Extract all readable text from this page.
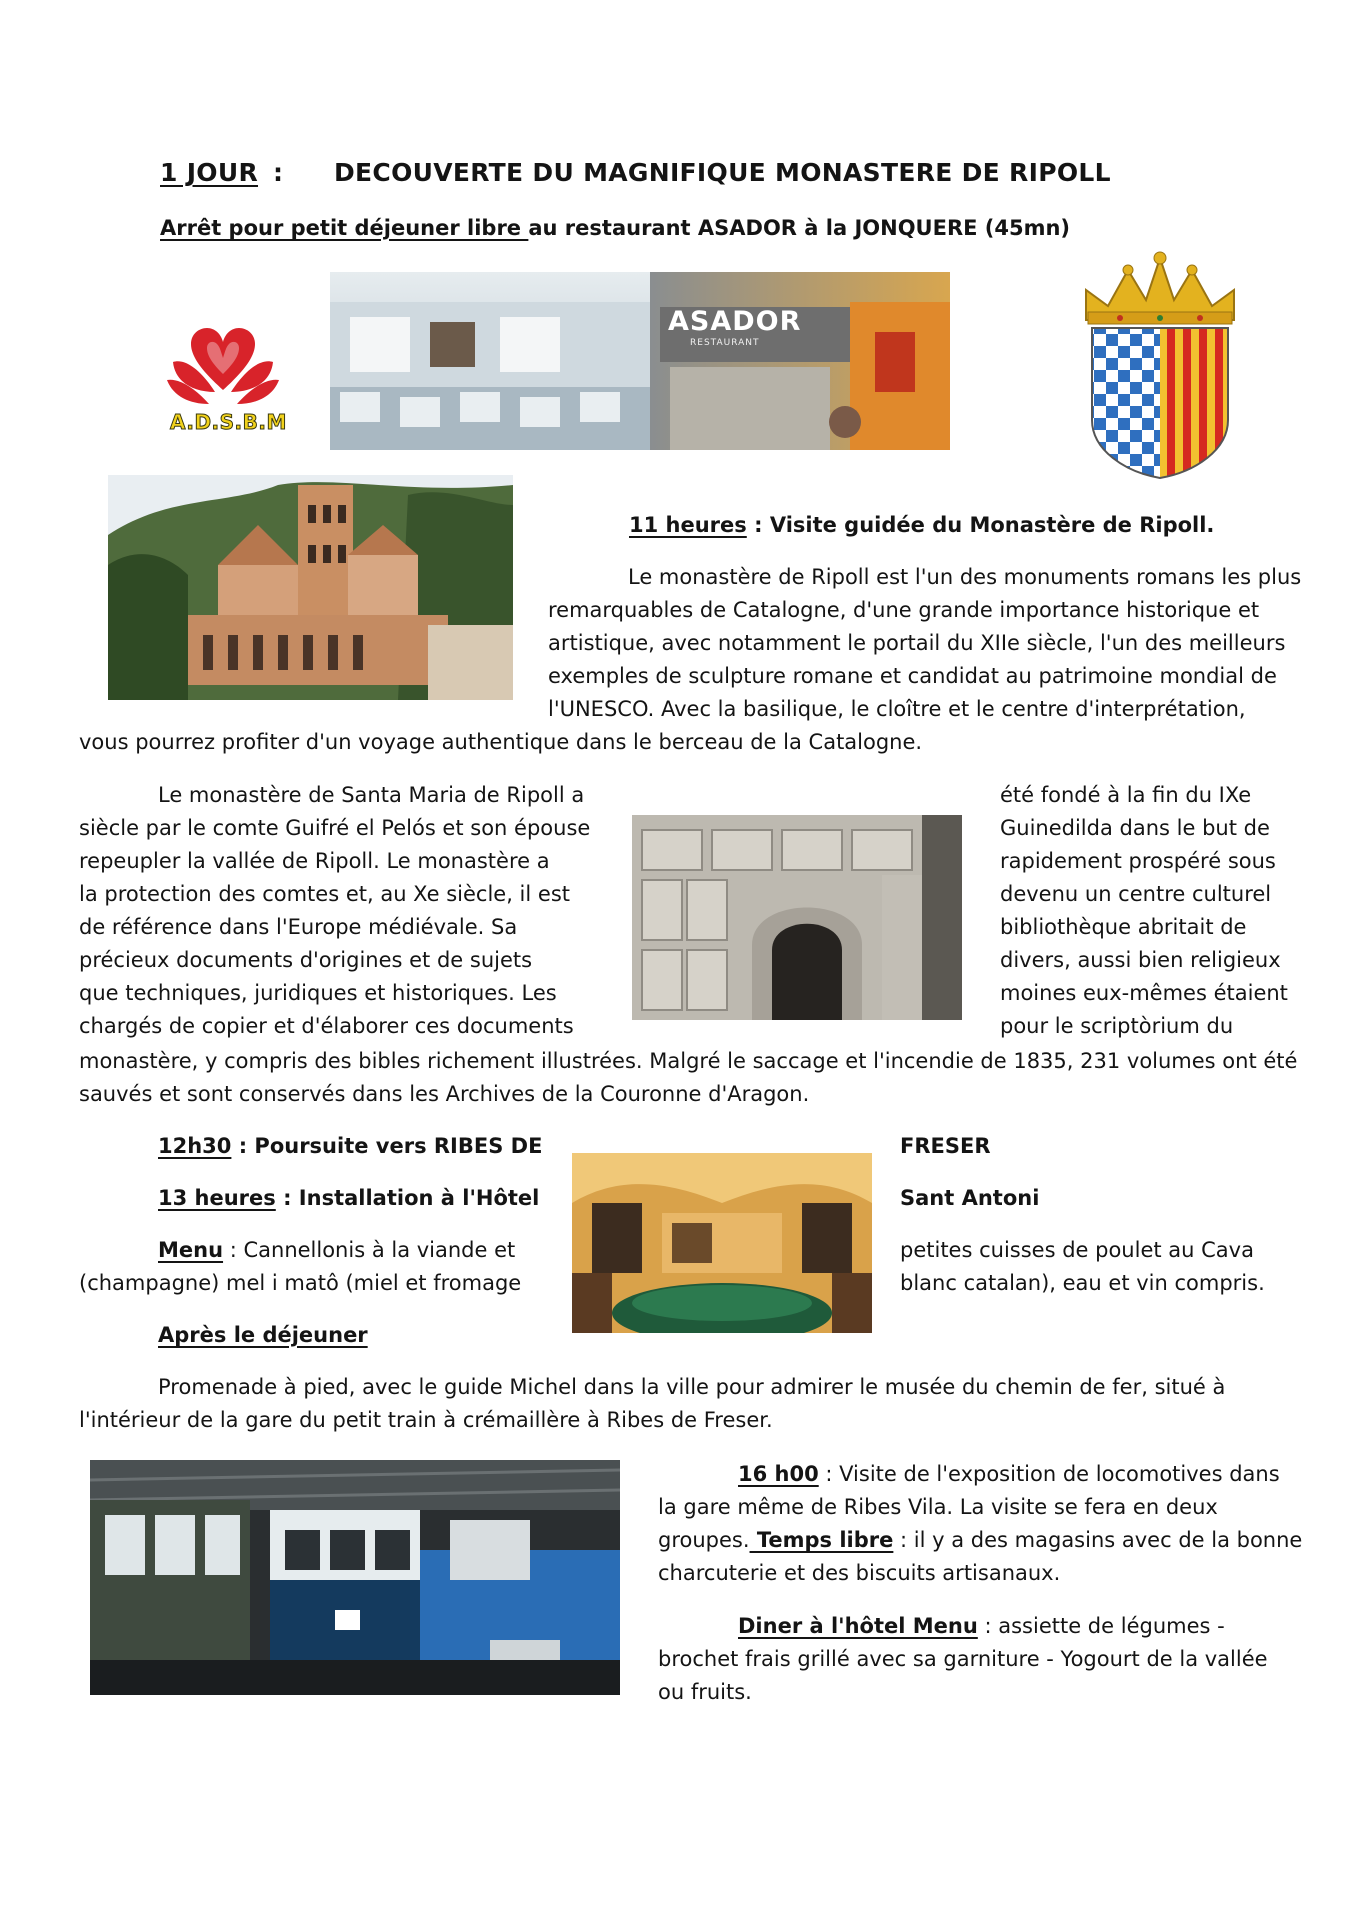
1 JOUR : DECOUVERTE DU MAGNIFIQUE MONASTERE DE RIPOLL
Arrêt pour petit déjeuner libre au restaurant ASADOR à la JONQUERE (45mn)
A.D.S.B.M
ASADOR
RESTAURANT
11 heures : Visite guidée du Monastère de Ripoll.
Le monastère de Ripoll est l'un des monuments romans les plus
remarquables de Catalogne, d'une grande importance historique et
artistique, avec notamment le portail du XIIe siècle, l'un des meilleurs
exemples de sculpture romane et candidat au patrimoine mondial de
l'UNESCO. Avec la basilique, le cloître et le centre d'interprétation,
vous pourrez profiter d'un voyage authentique dans le berceau de la Catalogne.
Le monastère de Santa Maria de Ripoll a
siècle par le comte Guifré el Pelós et son épouse
repeupler la vallée de Ripoll. Le monastère a
la protection des comtes et, au Xe siècle, il est
de référence dans l'Europe médiévale. Sa
précieux documents d'origines et de sujets
que techniques, juridiques et historiques. Les
chargés de copier et d'élaborer ces documents
été fondé à la fin du IXe
Guinedilda dans le but de
rapidement prospéré sous
devenu un centre culturel
bibliothèque abritait de
divers, aussi bien religieux
moines eux-mêmes étaient
pour le scriptòrium du
monastère, y compris des bibles richement illustrées. Malgré le saccage et l'incendie de 1835, 231 volumes ont été
sauvés et sont conservés dans les Archives de la Couronne d'Aragon.
12h30 : Poursuite vers RIBES DE	FRESER
13 heures : Installation à l'Hôtel	Sant Antoni
Menu : Cannellonis à la viande et
(champagne) mel i matô (miel et fromage
petites cuisses de poulet au Cava
blanc catalan), eau et vin compris.
Après le déjeuner
Promenade à pied, avec le guide Michel dans la ville pour admirer le musée du chemin de fer, situé à
l'intérieur de la gare du petit train à crémaillère à Ribes de Freser.
16 h00 : Visite de l'exposition de locomotives dans
la gare même de Ribes Vila. La visite se fera en deux
groupes. Temps libre : il y a des magasins avec de la bonne
charcuterie et des biscuits artisanaux.
Diner à l'hôtel Menu : assiette de légumes -
brochet frais grillé avec sa garniture - Yogourt de la vallée
ou fruits.
